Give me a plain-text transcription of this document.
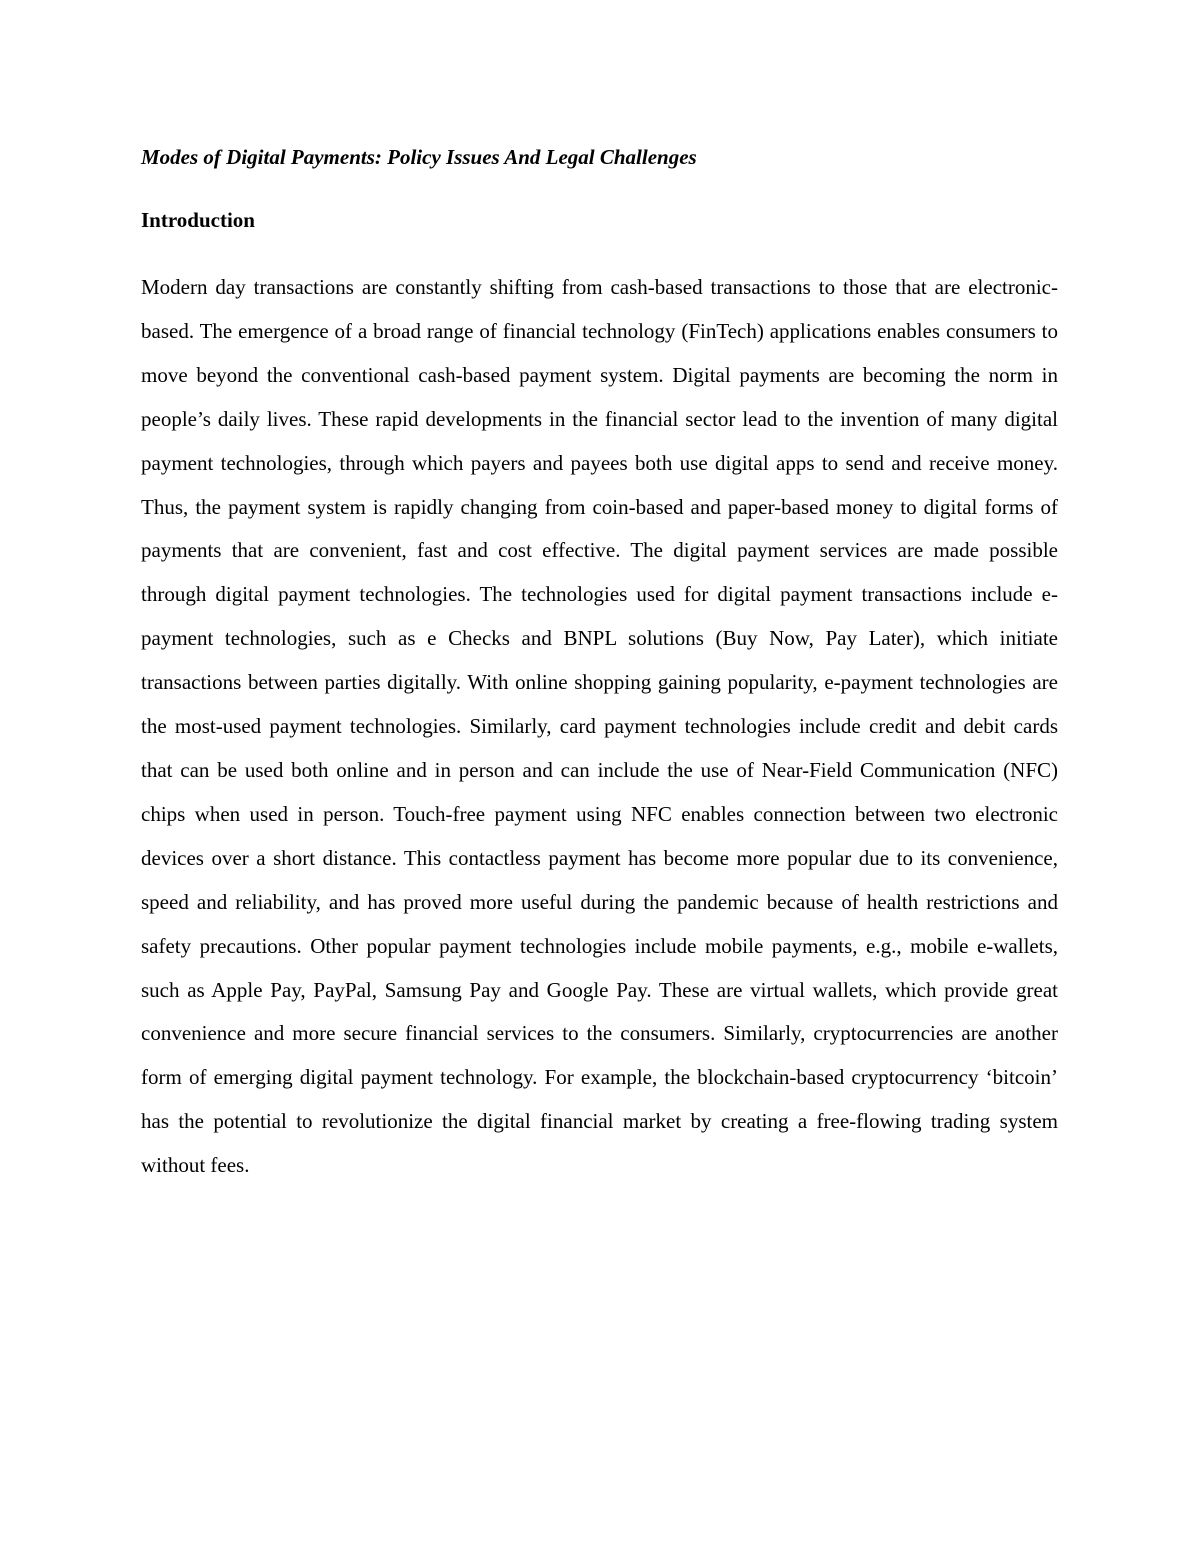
Modes of Digital Payments: Policy Issues And Legal Challenges
Introduction

Modern day transactions are constantly shifting from cash-based transactions to those that are electronic-based. The emergence of a broad range of financial technology (FinTech) applications enables consumers to move beyond the conventional cash-based payment system. Digital payments are becoming the norm in people’s daily lives. These rapid developments in the financial sector lead to the invention of many digital payment technologies, through which payers and payees both use digital apps to send and receive money. Thus, the payment system is rapidly changing from coin-based and paper-based money to digital forms of payments that are convenient, fast and cost effective. The digital payment services are made possible through digital payment technologies. The technologies used for digital payment transactions include e-payment technologies, such as e Checks and BNPL solutions (Buy Now, Pay Later), which initiate transactions between parties digitally. With online shopping gaining popularity, e-payment technologies are the most-used payment technologies. Similarly, card payment technologies include credit and debit cards that can be used both online and in person and can include the use of Near-Field Communication (NFC) chips when used in person. Touch-free payment using NFC enables connection between two electronic devices over a short distance. This contactless payment has become more popular due to its convenience, speed and reliability, and has proved more useful during the pandemic because of health restrictions and safety precautions. Other popular payment technologies include mobile payments, e.g., mobile e-wallets, such as Apple Pay, PayPal, Samsung Pay and Google Pay. These are virtual wallets, which provide great convenience and more secure financial services to the consumers. Similarly, cryptocurrencies are another form of emerging digital payment technology. For example, the blockchain-based cryptocurrency ‘bitcoin’ has the potential to revolutionize the digital financial market by creating a free-flowing trading system without fees.
